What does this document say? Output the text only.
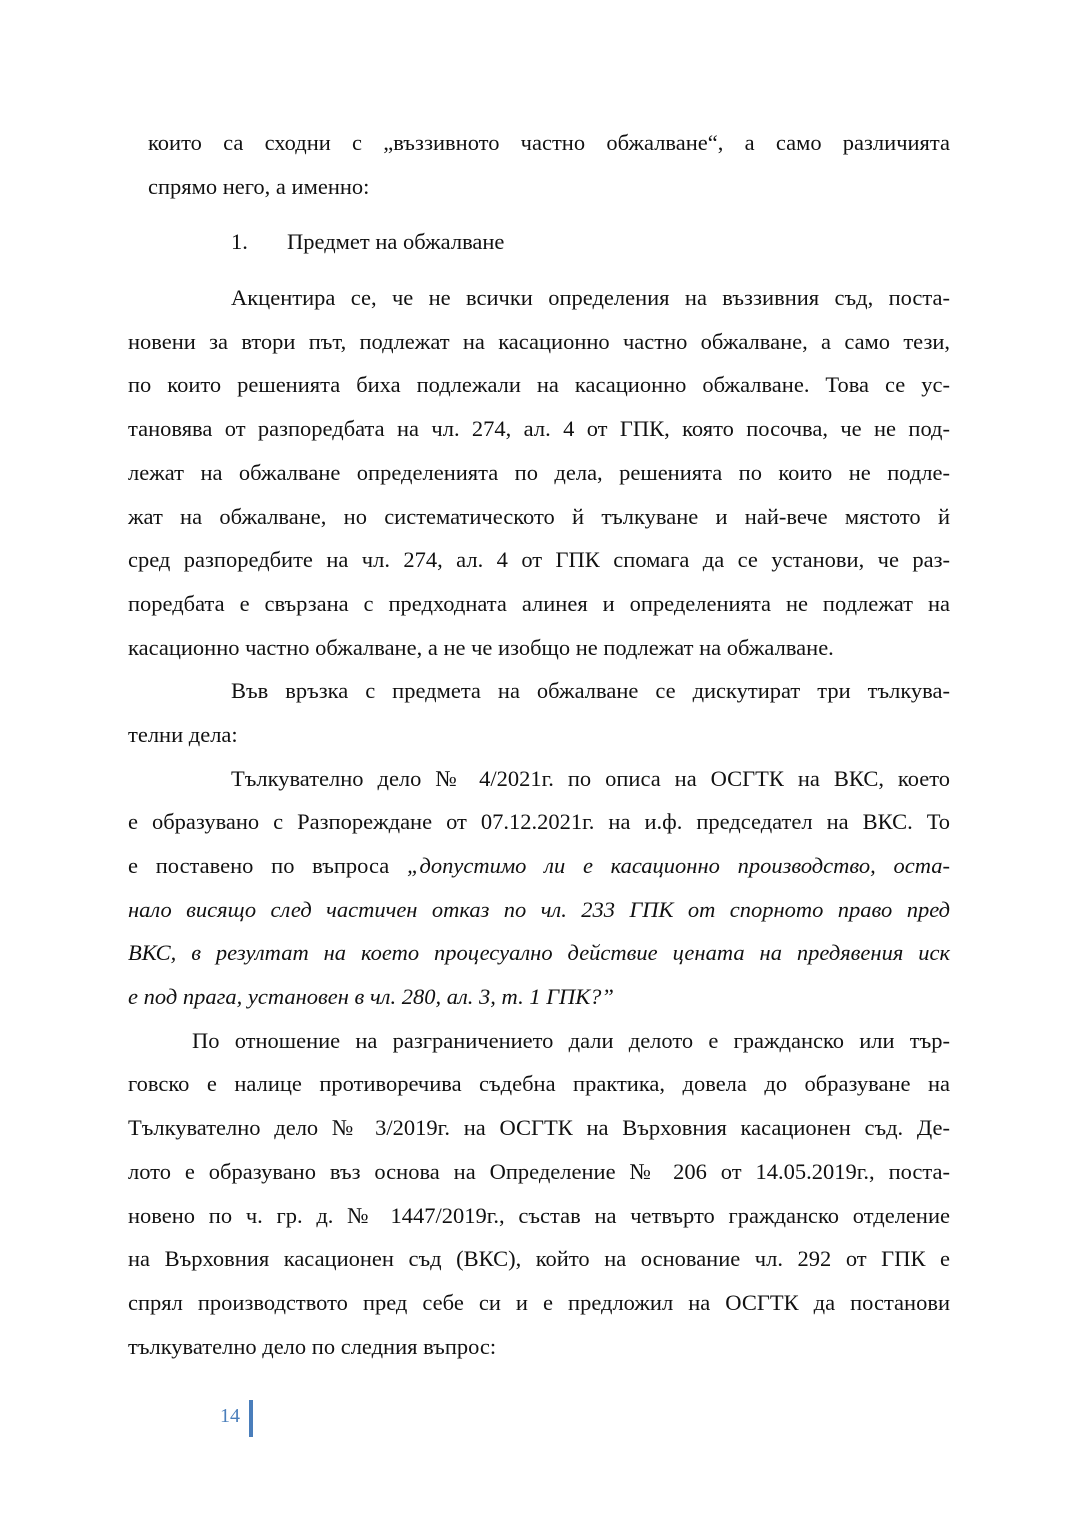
които са сходни с „въззивното частно обжалване“, а само различията
спрямо него, а именно:
1. Предмет на обжалване
Акцентира се, че не всички определения на въззивния съд, поста-
новени за втори път, подлежат на касационно частно обжалване, а само тези,
по които решенията биха подлежали на касационно обжалване. Това се ус-
тановява от разпоредбата на чл. 274, ал. 4 от ГПК, която посочва, че не под-
лежат на обжалване определенията по дела, решенията по които не подле-
жат на обжалване, но систематическото й тълкуване и най-вече мястото й
сред разпоредбите на чл. 274, ал. 4 от ГПК спомага да се установи, че раз-
поредбата е свързана с предходната алинея и определенията не подлежат на
касационно частно обжалване, а не че изобщо не подлежат на обжалване.
Във връзка с предмета на обжалване се дискутират три тълкува-
телни дела:
Тълкувателно дело № 4/2021г. по описа на ОСГТК на ВКС, което
е образувано с Разпореждане от 07.12.2021г. на и.ф. председател на ВКС. То
е поставено по въпроса „допустимо ли е касационно производство, оста-
нало висящо след частичен отказ по чл. 233 ГПК от спорното право пред
ВКС, в резултат на което процесуално действие цената на предявения иск
е под прага, установен в чл. 280, ал. 3, т. 1 ГПК?”
По отношение на разграничението дали делото е гражданско или тър-
говско е налице противоречива съдебна практика, довела до образуване на
Тълкувателно дело № 3/2019г. на ОСГТК на Върховния касационен съд. Де-
лото е образувано въз основа на Определение № 206 от 14.05.2019г., поста-
новено по ч. гр. д. № 1447/2019г., състав на четвърто гражданско отделение
на Върховния касационен съд (ВКС), който на основание чл. 292 от ГПК е
спрял производството пред себе си и е предложил на ОСГТК да постанови
тълкувателно дело по следния въпрос:
14
